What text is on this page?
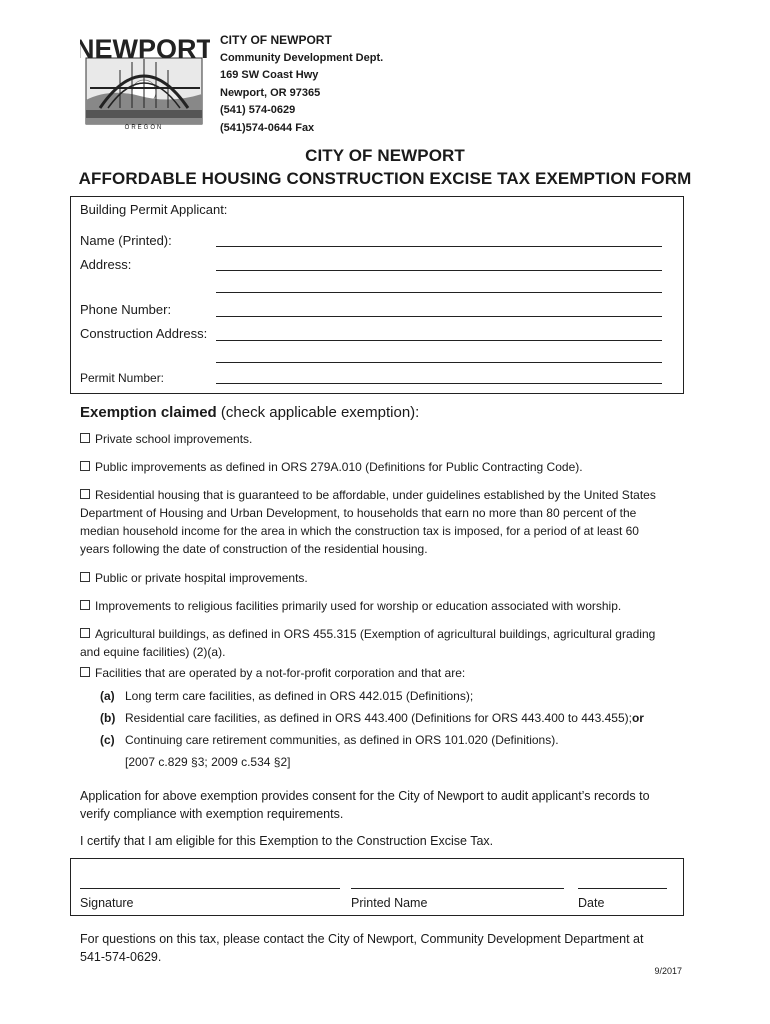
NEWPORT
OREGON
CITY OF NEWPORT
Community Development Dept.
169 SW Coast Hwy
Newport, OR 97365
(541) 574-0629
(541)574-0644 Fax
CITY OF NEWPORT
AFFORDABLE HOUSING CONSTRUCTION EXCISE TAX EXEMPTION FORM
Building Permit Applicant:
Name (Printed):
Address:
Phone Number:
Construction Address:
Permit Number:
Exemption claimed (check applicable exemption):
Private school improvements.
Public improvements as defined in ORS 279A.010 (Definitions for Public Contracting Code).
Residential housing that is guaranteed to be affordable, under guidelines established by the United States Department of Housing and Urban Development, to households that earn no more than 80 percent of the median household income for the area in which the construction tax is imposed, for a period of at least 60 years following the date of construction of the residential housing.
Public or private hospital improvements.
Improvements to religious facilities primarily used for worship or education associated with worship.
Agricultural buildings, as defined in ORS 455.315 (Exemption of agricultural buildings, agricultural grading and equine facilities) (2)(a).
Facilities that are operated by a not-for-profit corporation and that are:
(a) Long term care facilities, as defined in ORS 442.015 (Definitions);
(b) Residential care facilities, as defined in ORS 443.400 (Definitions for ORS 443.400 to 443.455);or
(c) Continuing care retirement communities, as defined in ORS 101.020 (Definitions).
[2007 c.829 §3; 2009 c.534 §2]
Application for above exemption provides consent for the City of Newport to audit applicant’s records to verify compliance with exemption requirements.
I certify that I am eligible for this Exemption to the Construction Excise Tax.
Signature	Printed Name	Date
For questions on this tax, please contact the City of Newport, Community Development Department at 541-574-0629.
9/2017
